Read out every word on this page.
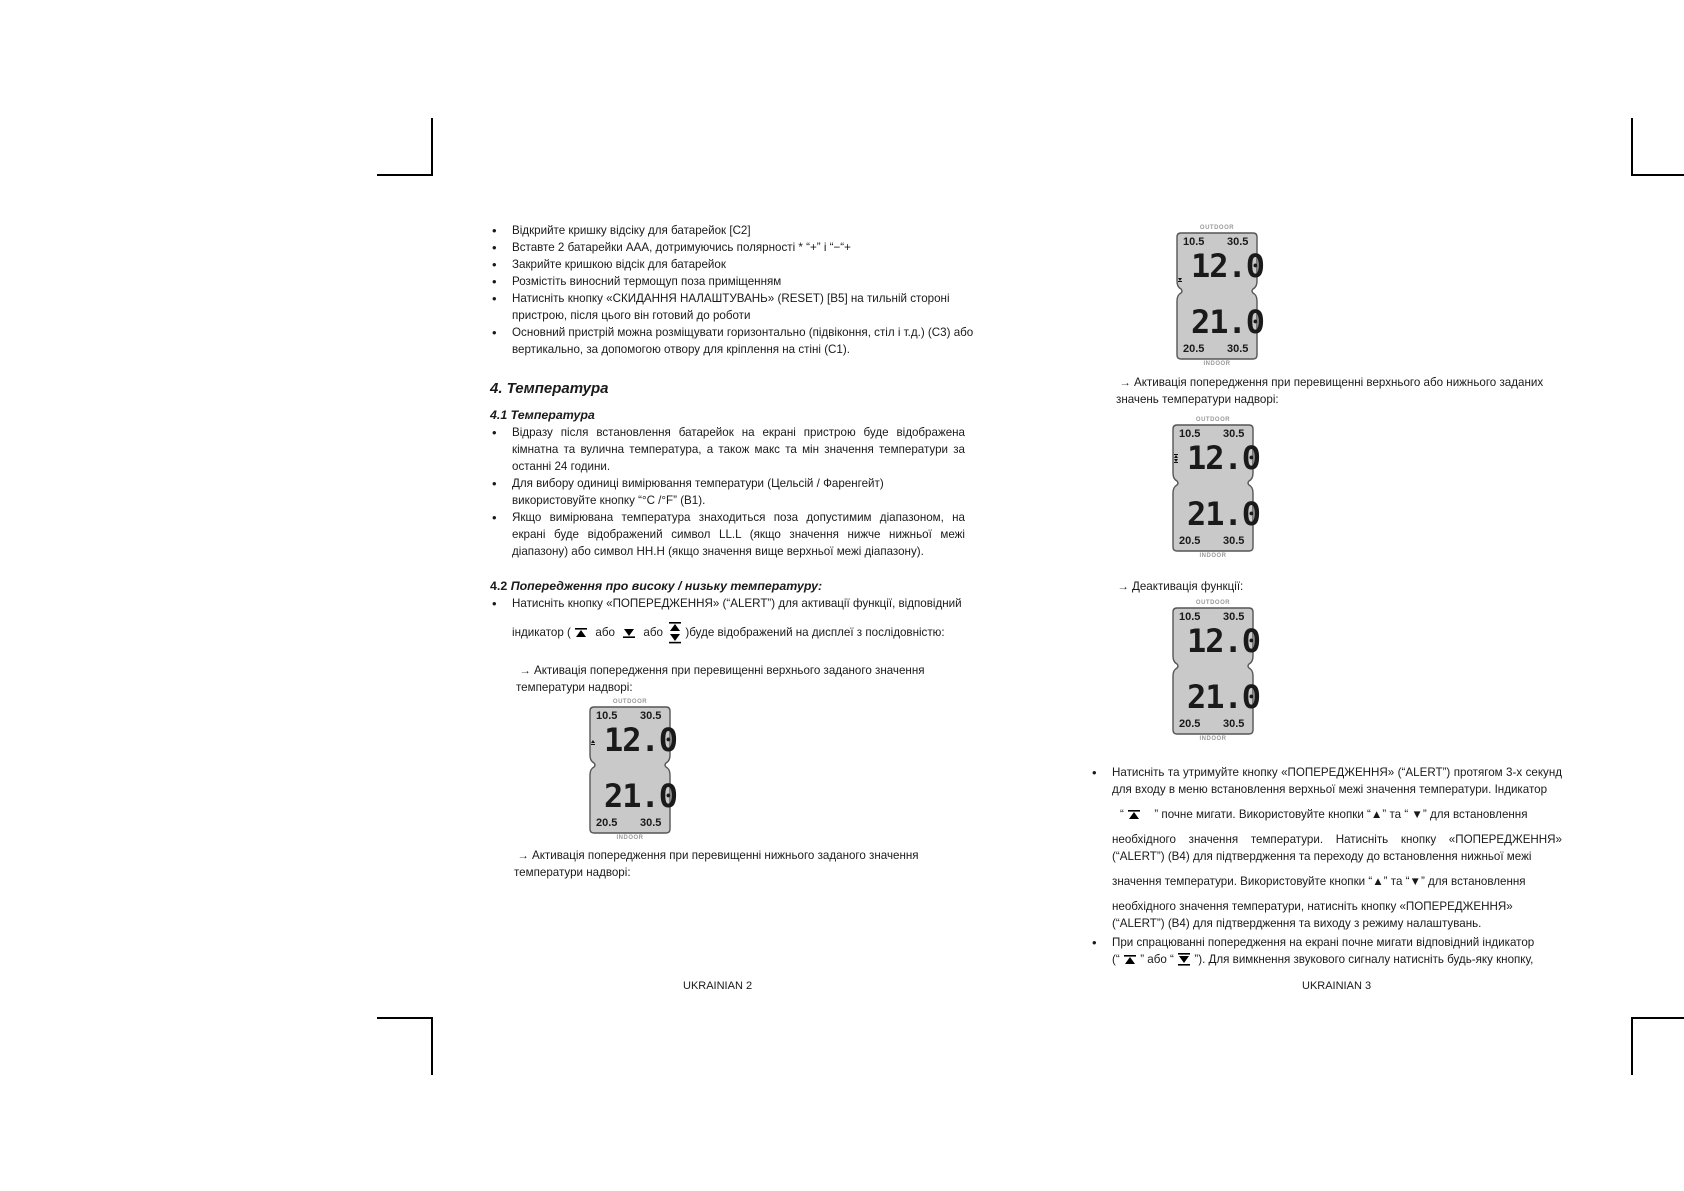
• Відкрийте кришку відсіку для батарейок [C2]

• Вставте 2 батарейки AAA, дотримуючись полярності * “+” і “−“+

• Закрийте кришкою відсік для батарейок

• Розмістіть виносний термощуп поза приміщенням

• Натисніть кнопку «СКИДАННЯ НАЛАШТУВАНЬ» (RESET) [B5] на тильній стороні пристрою, після цього він готовий до роботи

• Основний пристрій можна розміщувати горизонтально (підвіконня, стіл і т.д.) (C3) або вертикально, за допомогою отвору для кріплення на стіні (C1).

4. Температура
4.1 Температура

• Відразу після встановлення батарейок на екрані пристрою буде відображена кімнатна та вулична температура, а також макс та мін значення температури за останні 24 години.

• Для вибору одиниці вимірювання температури (Цельсій / Фаренгейт) використовуйте кнопку “°C /°F” (B1).

• Якщо вимірювана температура знаходиться поза допустимим діапазоном, на екрані буде відображений символ LL.L (якщо значення нижче нижньої межі діапазону) або символ HH.H (якщо значення вище верхньої межі діапазону).

4.2 Попередження про високу / низьку температуру:

• Натисніть кнопку «ПОПЕРЕДЖЕННЯ» (“ALERT”) для активації функції, відповідний

індикатор ( або або )буде відображений на дисплеї з послідовністю:

→ Активація попередження при перевищенні верхнього заданого значення температури надворі:

OUTDOOR
INDOOR
10.5 30.5
12.0
21.0
20.5 30.5

→ Активація попередження при перевищенні нижнього заданого значення температури надворі:

UKRAINIAN 2
OUTDOOR
INDOOR
10.5 30.5
12.0
21.0
20.5 30.5

→ Активація попередження при перевищенні верхнього або нижнього заданих значень температури надворі:

OUTDOOR
INDOOR
10.5 30.5
12.0
21.0
20.5 30.5

→ Деактивація функції:

OUTDOOR
INDOOR
10.5 30.5
12.0
21.0
20.5 30.5

• Натисніть та утримуйте кнопку «ПОПЕРЕДЖЕННЯ» (“ALERT”) протягом 3-х секунд для входу в меню встановлення верхньої межі значення температури. Індикатор

“	” почне мигати. Використовуйте кнопки “▲” та “ ▼” для встановлення

необхідного значення температури. Натисніть кнопку «ПОПЕРЕДЖЕННЯ» (“ALERT”) (B4) для підтвердження та переходу до встановлення нижньої межі

значення температури. Використовуйте кнопки “▲” та “▼” для встановлення

необхідного значення температури, натисніть кнопку «ПОПЕРЕДЖЕННЯ» (“ALERT”) (B4) для підтвердження та виходу з режиму налаштувань.

• При спрацюванні попередження на екрані почне мигати відповідний індикатор

(“ ” або “ ”). Для вимкнення звукового сигналу натисніть будь-яку кнопку,

UKRAINIAN 3
